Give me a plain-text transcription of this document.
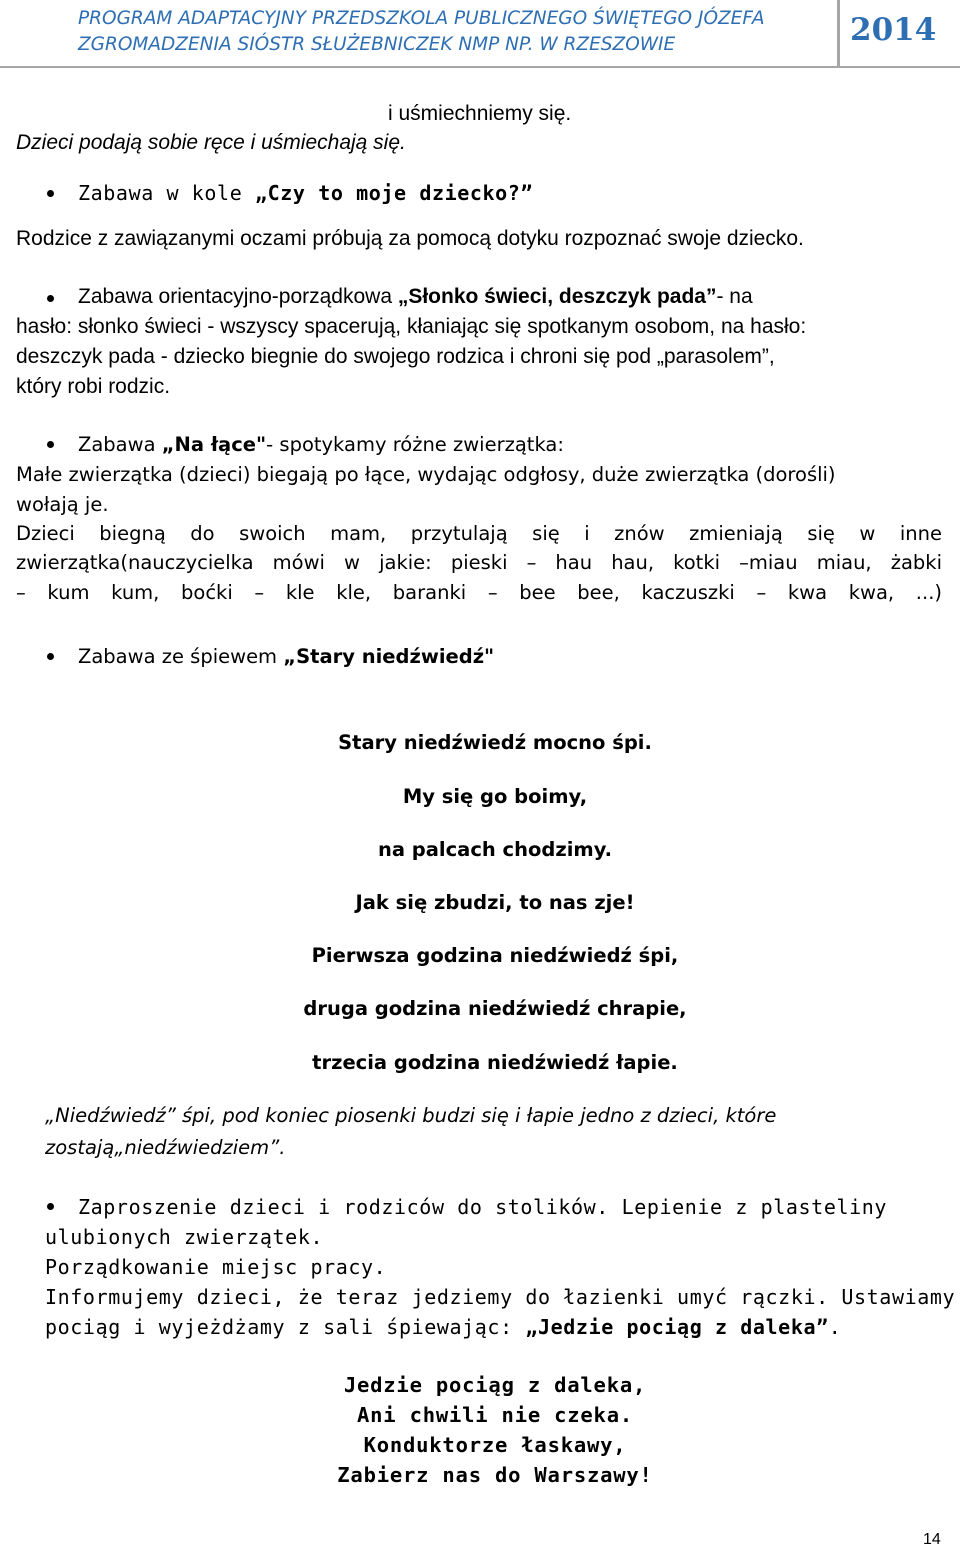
PROGRAM ADAPTACYJNY PRZEDSZKOLA PUBLICZNEGO ŚWIĘTEGO JÓZEFA
ZGROMADZENIA SIÓSTR SŁUŻEBNICZEK NMP NP. W RZESZOWIE	2014
i uśmiechniemy się.
Dzieci podają sobie ręce i uśmiechają się.
Zabawa w kole „Czy to moje dziecko?”
Rodzice z zawiązanymi oczami próbują za pomocą dotyku rozpoznać swoje dziecko.
Zabawa orientacyjno-porządkowa „Słonko świeci, deszczyk pada”- na
hasło: słonko świeci - wszyscy spacerują, kłaniając się spotkanym osobom, na hasło:
deszczyk pada - dziecko biegnie do swojego rodzica i chroni się pod „parasolem”,
który robi rodzic.
Zabawa „Na łące"- spotykamy różne zwierzątka:
Małe zwierzątka (dzieci) biegają po łące, wydając odgłosy, duże zwierzątka (dorośli)
wołają je.
Dzieci biegną do swoich mam, przytulają się i znów zmieniają się w inne
zwierzątka(nauczycielka mówi w jakie: pieski – hau hau, kotki –miau miau, żabki
– kum kum, boćki – kle kle, baranki – bee bee, kaczuszki – kwa kwa, ...)
Zabawa ze śpiewem „Stary niedźwiedź"
Stary niedźwiedź mocno śpi.
My się go boimy,
na palcach chodzimy.
Jak się zbudzi, to nas zje!
Pierwsza godzina niedźwiedź śpi,
druga godzina niedźwiedź chrapie,
trzecia godzina niedźwiedź łapie.
„Niedźwiedź” śpi, pod koniec piosenki budzi się i łapie jedno z dzieci, które
zostają„niedźwiedziem”.
Zaproszenie dzieci i rodziców do stolików. Lepienie z plasteliny
ulubionych zwierzątek.
Porządkowanie miejsc pracy.
Informujemy dzieci, że teraz jedziemy do łazienki umyć rączki. Ustawiamy
pociąg i wyjeżdżamy z sali śpiewając: „Jedzie pociąg z daleka”.
Jedzie pociąg z daleka,
Ani chwili nie czeka.
Konduktorze łaskawy,
Zabierz nas do Warszawy!
14
